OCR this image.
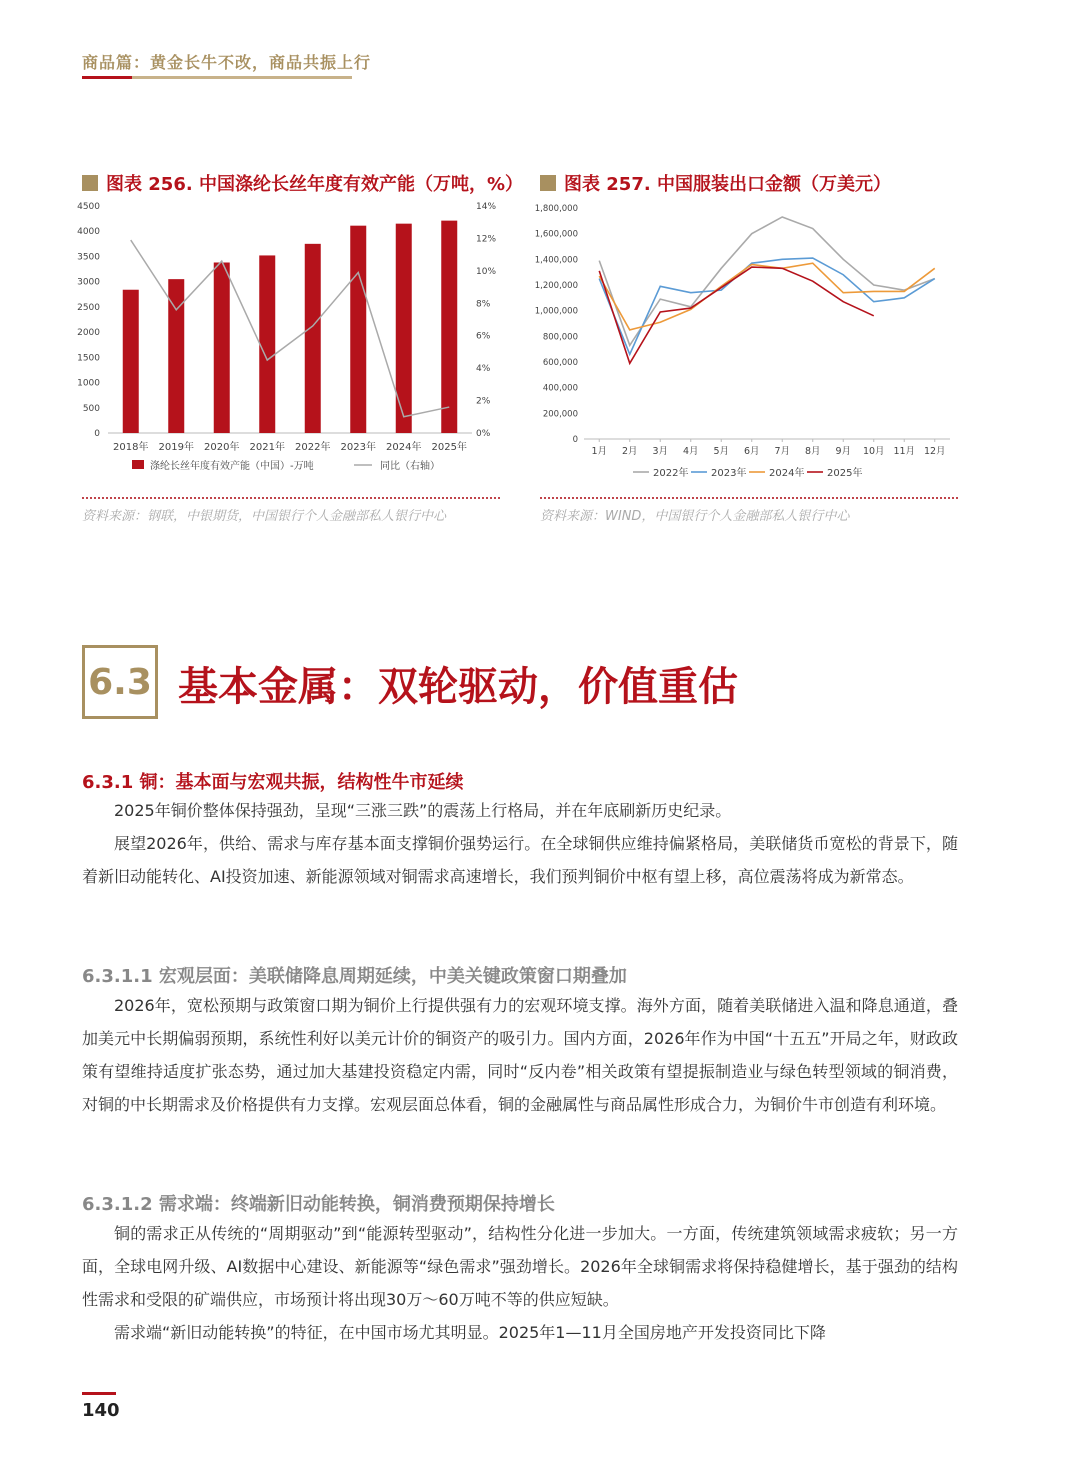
商品篇：黄金长牛不改，商品共振上行
图表 256. 中国涤纶长丝年度有效产能（万吨，%）
0
500
1000
1500
2000
2500
3000
3500
4000
4500
0%
2%
4%
6%
8%
10%
12%
14%
2018年 2019年 2020年 2021年 2022年 2023年 2024年 2025年
涤纶长丝年度有效产能（中国）-万吨	同比（右轴）
资料来源：钢联，中银期货，中国银行个人金融部私人银行中心
图表 257. 中国服装出口金额（万美元）
0
200,000
400,000
600,000
800,000
1,000,000
1,200,000
1,400,000
1,600,000
1,800,000
1月 2月 3月 4月 5月 6月 7月 8月 9月 10月 11月 12月
2022年 2023年 2024年 2025年
资料来源：WIND，中国银行个人金融部私人银行中心
6.3 基本金属：双轮驱动，价值重估
6.3.1 铜：基本面与宏观共振，结构性牛市延续

2025年铜价整体保持强劲，呈现“三涨三跌”的震荡上行格局，并在年底刷新历史纪录。

展望2026年，供给、需求与库存基本面支撑铜价强势运行。在全球铜供应维持偏紧格局，美联储货币宽松的背景下，随着新旧动能转化、AI投资加速、新能源领域对铜需求高速增长，我们预判铜价中枢有望上移，高位震荡将成为新常态。

6.3.1.1 宏观层面：美联储降息周期延续，中美关键政策窗口期叠加

2026年，宽松预期与政策窗口期为铜价上行提供强有力的宏观环境支撑。海外方面，随着美联储进入温和降息通道，叠加美元中长期偏弱预期，系统性利好以美元计价的铜资产的吸引力。国内方面，2026年作为中国“十五五”开局之年，财政政策有望维持适度扩张态势，通过加大基建投资稳定内需，同时“反内卷”相关政策有望提振制造业与绿色转型领域的铜消费，对铜的中长期需求及价格提供有力支撑。宏观层面总体看，铜的金融属性与商品属性形成合力，为铜价牛市创造有利环境。

6.3.1.2 需求端：终端新旧动能转换，铜消费预期保持增长

铜的需求正从传统的“周期驱动”到“能源转型驱动”，结构性分化进一步加大。一方面，传统建筑领域需求疲软；另一方面，全球电网升级、AI数据中心建设、新能源等“绿色需求”强劲增长。2026年全球铜需求将保持稳健增长，基于强劲的结构性需求和受限的矿端供应，市场预计将出现30万～60万吨不等的供应短缺。

需求端“新旧动能转换”的特征，在中国市场尤其明显。2025年1—11月全国房地产开发投资同比下降

140
